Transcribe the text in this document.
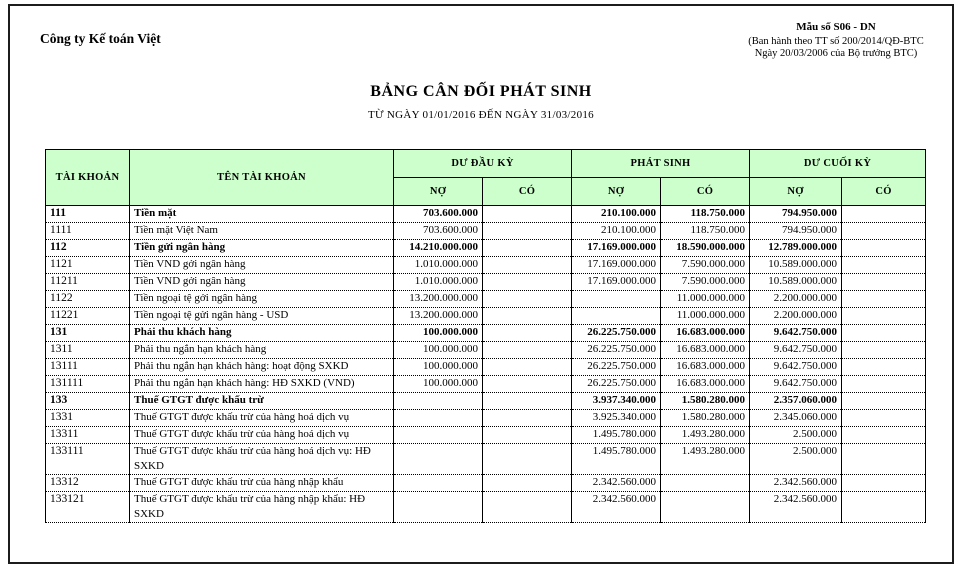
Công ty Kế toán Việt
Mẫu số S06 - DN
(Ban hành theo TT số 200/2014/QĐ-BTC
Ngày 20/03/2006 của Bộ trưởng BTC)
BẢNG CÂN ĐỐI PHÁT SINH
TỪ NGÀY 01/01/2016 ĐẾN NGÀY 31/03/2016
TÀI KHOẢN	TÊN TÀI KHOẢN	DƯ ĐẦU KỲ		PHÁT SINH		DƯ CUỐI KỲ	
		NỢ	CÓ	NỢ	CÓ	NỢ	CÓ
111	Tiền mặt	703.600.000		210.100.000	118.750.000	794.950.000	
1111	Tiền mặt Việt Nam	703.600.000		210.100.000	118.750.000	794.950.000	
112	Tiền gửi ngân hàng	14.210.000.000		17.169.000.000	18.590.000.000	12.789.000.000	
1121	Tiền VND gởi ngân hàng	1.010.000.000		17.169.000.000	7.590.000.000	10.589.000.000	
11211	Tiền VND gởi ngân hàng	1.010.000.000		17.169.000.000	7.590.000.000	10.589.000.000	
1122	Tiền ngoại tệ gởi ngân hàng	13.200.000.000			11.000.000.000	2.200.000.000	
11221	Tiền ngoại tệ gửi ngân hàng - USD	13.200.000.000			11.000.000.000	2.200.000.000	
131	Phải thu khách hàng	100.000.000		26.225.750.000	16.683.000.000	9.642.750.000	
1311	Phải thu ngắn hạn khách hàng	100.000.000		26.225.750.000	16.683.000.000	9.642.750.000	
13111	Phải thu ngắn hạn khách hàng: hoạt động SXKD	100.000.000		26.225.750.000	16.683.000.000	9.642.750.000	
131111	Phải thu ngắn hạn khách hàng: HĐ SXKD (VND)	100.000.000		26.225.750.000	16.683.000.000	9.642.750.000	
133	Thuế GTGT được khấu trừ			3.937.340.000	1.580.280.000	2.357.060.000	
1331	Thuế GTGT được khấu trừ của hàng hoá dịch vụ			3.925.340.000	1.580.280.000	2.345.060.000	
13311	Thuế GTGT được khấu trừ của hàng hoá dịch vụ			1.495.780.000	1.493.280.000	2.500.000	
133111	Thuế GTGT được khấu trừ của hàng hoá dịch vụ: HĐ SXKD			1.495.780.000	1.493.280.000	2.500.000	
13312	Thuế GTGT được khấu trừ của hàng nhập khẩu			2.342.560.000		2.342.560.000	
133121	Thuế GTGT được khấu trừ của hàng nhập khẩu: HĐ SXKD			2.342.560.000		2.342.560.000	
